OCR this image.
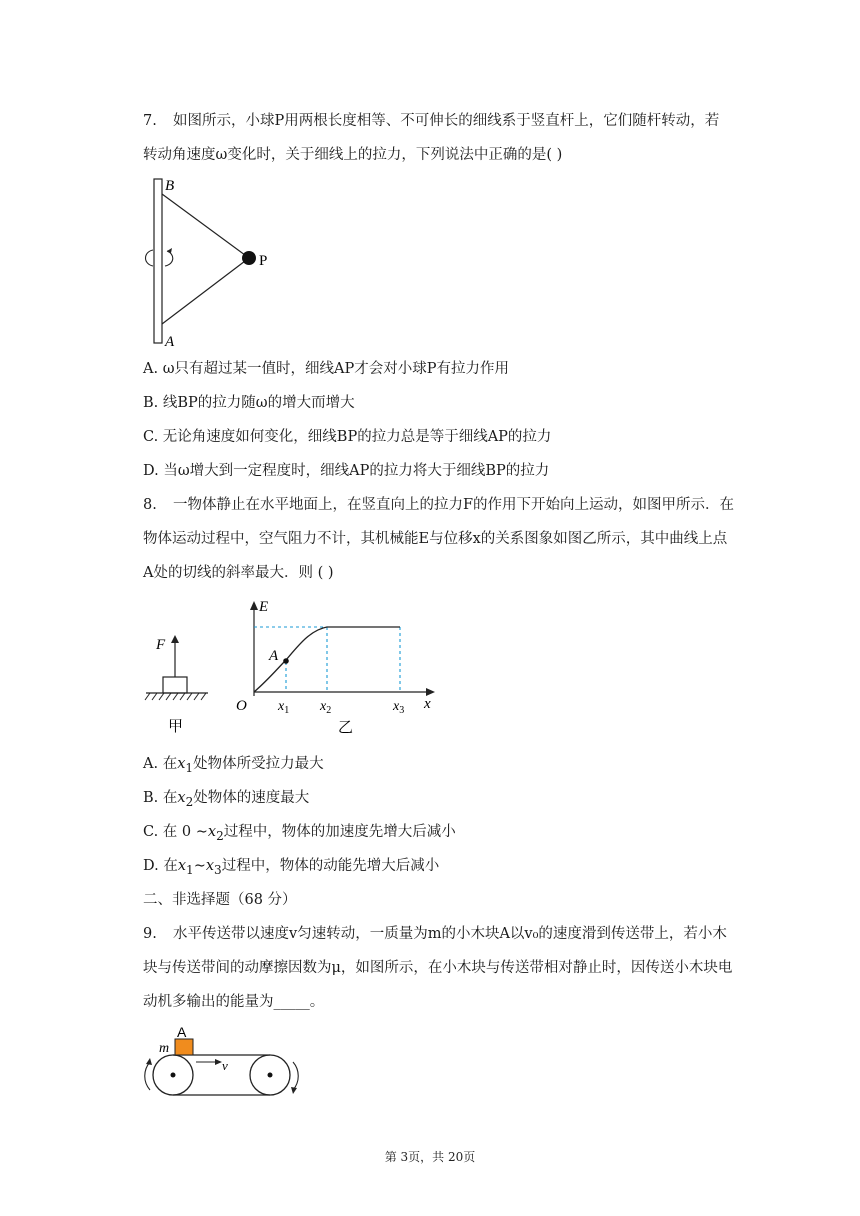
7. 如图所示，小球P用两根长度相等、不可伸长的细线系于竖直杆上，它们随杆转动，若
转动角速度ω变化时，关于细线上的拉力，下列说法中正确的是( )
B
A
P
A. ω只有超过某一值时，细线AP才会对小球P有拉力作用
B. 线BP的拉力随ω的增大而增大
C. 无论角速度如何变化，细线BP的拉力总是等于细线AP的拉力
D. 当ω增大到一定程度时，细线AP的拉力将大于细线BP的拉力
8. 一物体静止在水平地面上，在竖直向上的拉力F的作用下开始向上运动，如图甲所示．在
物体运动过程中，空气阻力不计，其机械能E与位移x的关系图象如图乙所示，其中曲线上点
A处的切线的斜率最大．则 ( )
F
甲
E
x
O
A
$x_1$ $x_2$	$x_3$
乙
A. 在$x_1$处物体所受拉力最大
B. 在$x_2$处物体的速度最大
C. 在 0 $\sim x_2$过程中，物体的加速度先增大后减小
D. 在$x_1\sim x_3$过程中，物体的动能先增大后减小
二、非选择题（68 分）
9. 水平传送带以速度v匀速转动，一质量为m的小木块A以v₀的速度滑到传送带上，若小木
块与传送带间的动摩擦因数为μ，如图所示，在小木块与传送带相对静止时，因传送小木块电
动机多输出的能量为_____。
A
m
v
第 3页，共 20页
